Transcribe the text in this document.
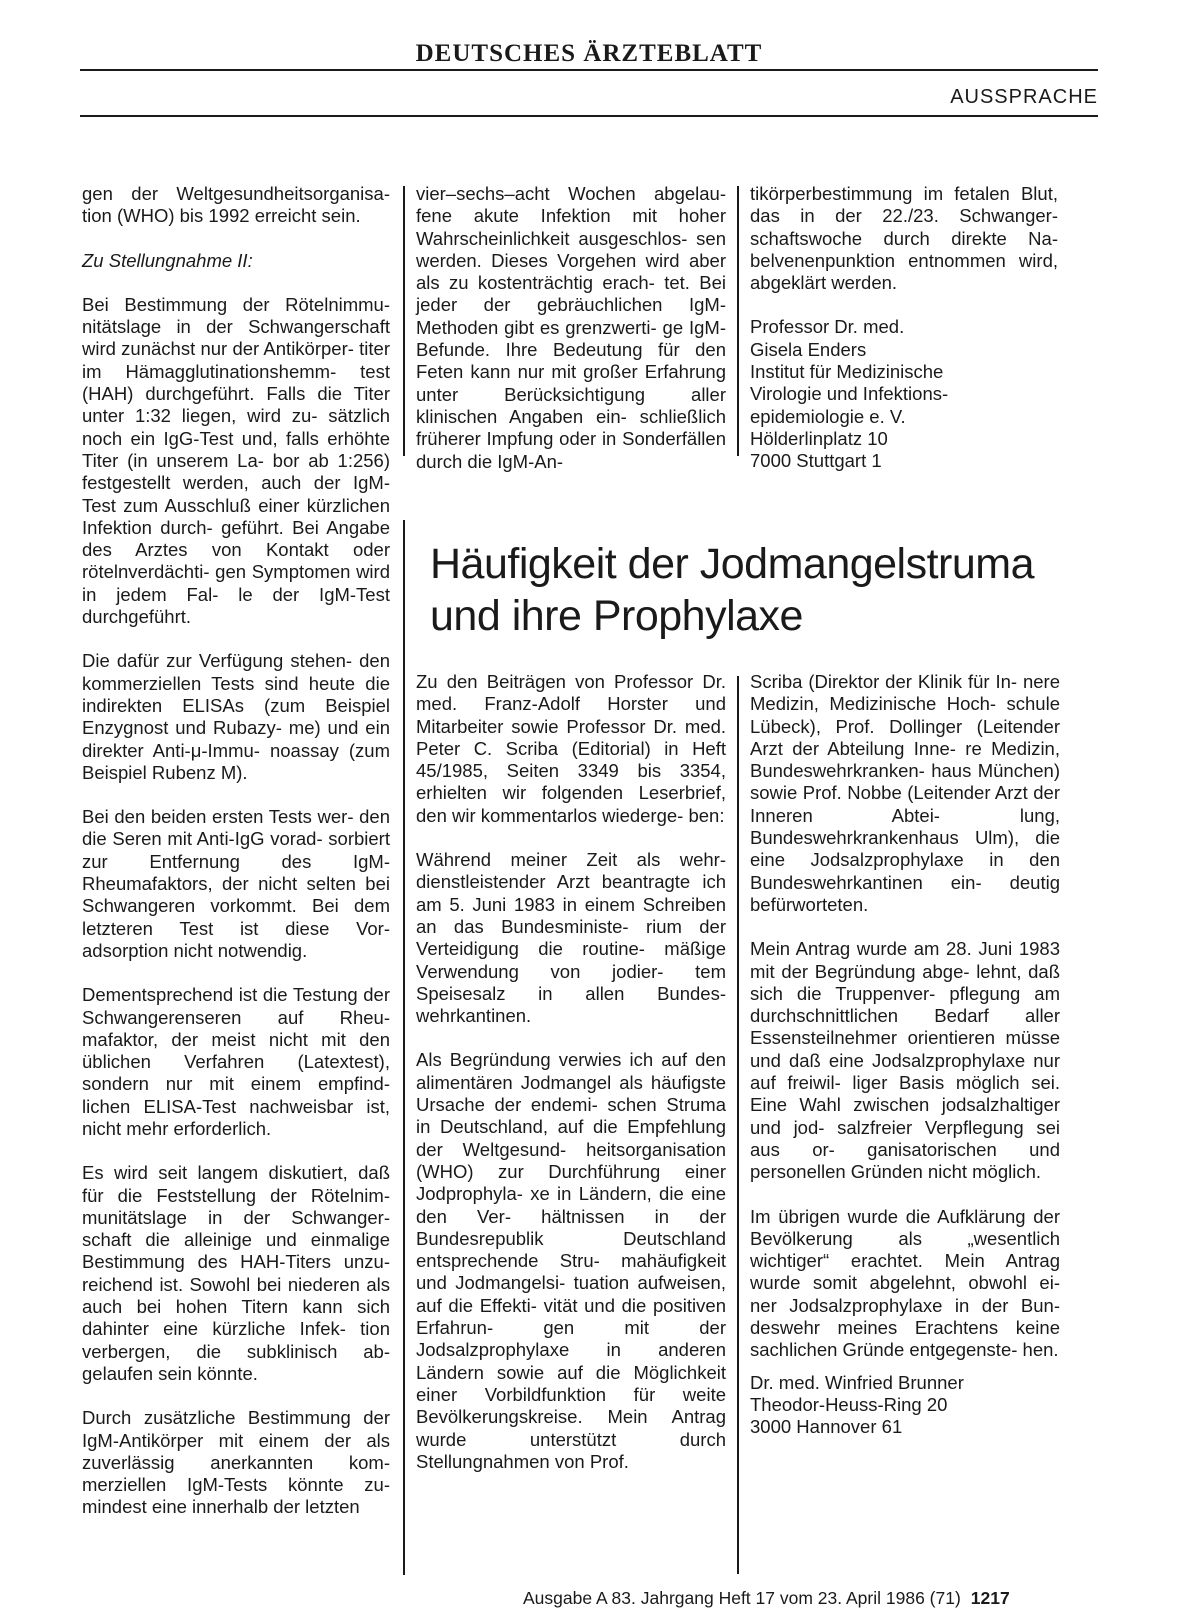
DEUTSCHES ÄRZTEBLATT
AUSSPRACHE

gen der Weltgesundheitsorganisa- tion (WHO) bis 1992 erreicht sein.

Zu Stellungnahme II:

Bei Bestimmung der Rötelnimmu- nitätslage in der Schwangerschaft wird zunächst nur der Antikörper- titer im Hämagglutinationshemm- test (HAH) durchgeführt. Falls die Titer unter 1:32 liegen, wird zu- sätzlich noch ein IgG-Test und, falls erhöhte Titer (in unserem La- bor ab 1:256) festgestellt werden, auch der IgM-Test zum Ausschluß einer kürzlichen Infektion durch- geführt. Bei Angabe des Arztes von Kontakt oder rötelnverdächti- gen Symptomen wird in jedem Fal- le der IgM-Test durchgeführt.

Die dafür zur Verfügung stehen- den kommerziellen Tests sind heute die indirekten ELISAs (zum Beispiel Enzygnost und Rubazy- me) und ein direkter Anti-μ-Immu- noassay (zum Beispiel Rubenz M).

Bei den beiden ersten Tests wer- den die Seren mit Anti-IgG vorad- sorbiert zur Entfernung des IgM- Rheumafaktors, der nicht selten bei Schwangeren vorkommt. Bei dem letzteren Test ist diese Vor- adsorption nicht notwendig.

Dementsprechend ist die Testung der Schwangerenseren auf Rheu- mafaktor, der meist nicht mit den üblichen Verfahren (Latextest), sondern nur mit einem empfind- lichen ELISA-Test nachweisbar ist, nicht mehr erforderlich.

Es wird seit langem diskutiert, daß für die Feststellung der Rötelnim- munitätslage in der Schwanger- schaft die alleinige und einmalige Bestimmung des HAH-Titers unzu- reichend ist. Sowohl bei niederen als auch bei hohen Titern kann sich dahinter eine kürzliche Infek- tion verbergen, die subklinisch ab- gelaufen sein könnte.

Durch zusätzliche Bestimmung der IgM-Antikörper mit einem der als zuverlässig anerkannten kom- merziellen IgM-Tests könnte zu- mindest eine innerhalb der letzten

vier–sechs–acht Wochen abgelau- fene akute Infektion mit hoher Wahrscheinlichkeit ausgeschlos- sen werden. Dieses Vorgehen wird aber als zu kostenträchtig erach- tet. Bei jeder der gebräuchlichen IgM-Methoden gibt es grenzwerti- ge IgM-Befunde. Ihre Bedeutung für den Feten kann nur mit großer Erfahrung unter Berücksichtigung aller klinischen Angaben ein- schließlich früherer Impfung oder in Sonderfällen durch die IgM-An-

tikörperbestimmung im fetalen Blut, das in der 22./23. Schwanger- schaftswoche durch direkte Na- belvenenpunktion entnommen wird, abgeklärt werden.

Professor Dr. med.
Gisela Enders
Institut für Medizinische
Virologie und Infektions-
epidemiologie e. V.
Hölderlinplatz 10
7000 Stuttgart 1
Häufigkeit der Jodmangelstruma
und ihre Prophylaxe

Zu den Beiträgen von Professor Dr. med. Franz-Adolf Horster und Mitarbeiter sowie Professor Dr. med. Peter C. Scriba (Editorial) in Heft 45/1985, Seiten 3349 bis 3354, erhielten wir folgenden Leserbrief, den wir kommentarlos wiederge- ben:

Während meiner Zeit als wehr- dienstleistender Arzt beantragte ich am 5. Juni 1983 in einem Schreiben an das Bundesministe- rium der Verteidigung die routine- mäßige Verwendung von jodier- tem Speisesalz in allen Bundes- wehrkantinen.

Als Begründung verwies ich auf den alimentären Jodmangel als häufigste Ursache der endemi- schen Struma in Deutschland, auf die Empfehlung der Weltgesund- heitsorganisation (WHO) zur Durchführung einer Jodprophyla- xe in Ländern, die eine den Ver- hältnissen in der Bundesrepublik Deutschland entsprechende Stru- mahäufigkeit und Jodmangelsi- tuation aufweisen, auf die Effekti- vität und die positiven Erfahrun- gen mit der Jodsalzprophylaxe in anderen Ländern sowie auf die Möglichkeit einer Vorbildfunktion für weite Bevölkerungskreise. Mein Antrag wurde unterstützt durch Stellungnahmen von Prof.

Scriba (Direktor der Klinik für In- nere Medizin, Medizinische Hoch- schule Lübeck), Prof. Dollinger (Leitender Arzt der Abteilung Inne- re Medizin, Bundeswehrkranken- haus München) sowie Prof. Nobbe (Leitender Arzt der Inneren Abtei- lung, Bundeswehrkrankenhaus Ulm), die eine Jodsalzprophylaxe in den Bundeswehrkantinen ein- deutig befürworteten.

Mein Antrag wurde am 28. Juni 1983 mit der Begründung abge- lehnt, daß sich die Truppenver- pflegung am durchschnittlichen Bedarf aller Essensteilnehmer orientieren müsse und daß eine Jodsalzprophylaxe nur auf freiwil- liger Basis möglich sei. Eine Wahl zwischen jodsalzhaltiger und jod- salzfreier Verpflegung sei aus or- ganisatorischen und personellen Gründen nicht möglich.

Im übrigen wurde die Aufklärung der Bevölkerung als „wesentlich wichtiger“ erachtet. Mein Antrag wurde somit abgelehnt, obwohl ei- ner Jodsalzprophylaxe in der Bun- deswehr meines Erachtens keine sachlichen Gründe entgegenste- hen.

Dr. med. Winfried Brunner
Theodor-Heuss-Ring 20
3000 Hannover 61
Ausgabe A 83. Jahrgang Heft 17 vom 23. April 1986 (71) 1217
